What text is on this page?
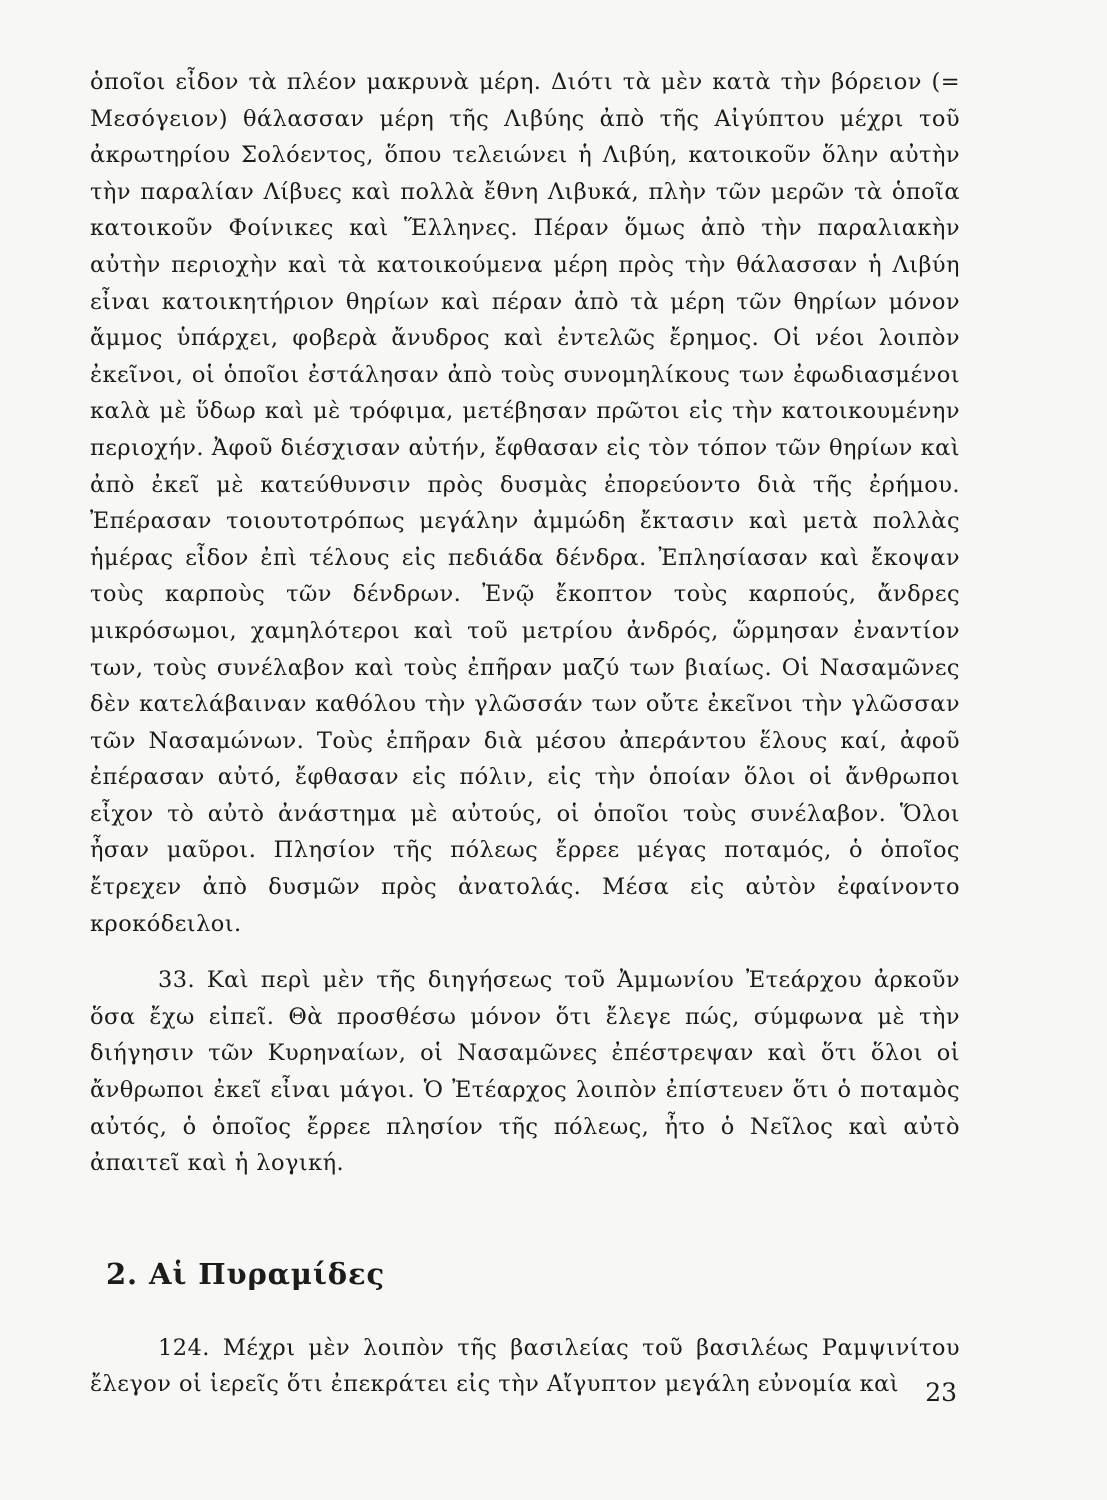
ὁποῖοι εἶδον τὰ πλέον μακρυνὰ μέρη. Διότι τὰ μὲν κατὰ τὴν βόρειον (= Μεσόγειον) θάλασσαν μέρη τῆς Λιβύης ἀπὸ τῆς Αἰγύπτου μέχρι τοῦ ἀκρωτηρίου Σολόεντος, ὅπου τελειώνει ἡ Λιβύη, κατοικοῦν ὅλην αὐτὴν τὴν παραλίαν Λίβυες καὶ πολλὰ ἔθνη Λιβυκά, πλὴν τῶν μερῶν τὰ ὁποῖα κατοικοῦν Φοίνικες καὶ Ἕλληνες. Πέραν ὅμως ἀπὸ τὴν παραλιακὴν αὐτὴν περιοχὴν καὶ τὰ κατοικούμενα μέρη πρὸς τὴν θάλασσαν ἡ Λιβύη εἶναι κατοικητήριον θηρίων καὶ πέραν ἀπὸ τὰ μέρη τῶν θηρίων μόνον ἄμμος ὑπάρχει, φοβερὰ ἄνυδρος καὶ ἐντελῶς ἔρημος. Οἱ νέοι λοιπὸν ἐκεῖνοι, οἱ ὁποῖοι ἐστάλησαν ἀπὸ τοὺς συνομηλίκους των ἐφωδιασμένοι καλὰ μὲ ὕδωρ καὶ μὲ τρόφιμα, μετέβησαν πρῶτοι εἰς τὴν κατοικουμένην περιοχήν. Ἀφοῦ διέσχισαν αὐτήν, ἔφθασαν εἰς τὸν τόπον τῶν θηρίων καὶ ἀπὸ ἐκεῖ μὲ κατεύθυνσιν πρὸς δυσμὰς ἐπορεύοντο διὰ τῆς ἐρήμου. Ἐπέρασαν τοιουτοτρόπως μεγάλην ἀμμώδη ἔκτασιν καὶ μετὰ πολλὰς ἡμέρας εἶδον ἐπὶ τέλους εἰς πεδιάδα δένδρα. Ἐπλησίασαν καὶ ἔκοψαν τοὺς καρποὺς τῶν δένδρων. Ἐνῷ ἔκοπτον τοὺς καρπούς, ἄνδρες μικρόσωμοι, χαμηλότεροι καὶ τοῦ μετρίου ἀνδρός, ὥρμησαν ἐναντίον των, τοὺς συνέλαβον καὶ τοὺς ἐπῆραν μαζύ των βιαίως. Οἱ Νασαμῶνες δὲν κατελάβαιναν καθόλου τὴν γλῶσσάν των οὔτε ἐκεῖνοι τὴν γλῶσσαν τῶν Νασαμώνων. Τοὺς ἐπῆραν διὰ μέσου ἀπεράντου ἕλους καί, ἀφοῦ ἐπέρασαν αὐτό, ἔφθασαν εἰς πόλιν, εἰς τὴν ὁποίαν ὅλοι οἱ ἄνθρωποι εἶχον τὸ αὐτὸ ἀνάστημα μὲ αὐτούς, οἱ ὁποῖοι τοὺς συνέλαβον. Ὅλοι ἦσαν μαῦροι. Πλησίον τῆς πόλεως ἔρρεε μέγας ποταμός, ὁ ὁποῖος ἔτρεχεν ἀπὸ δυσμῶν πρὸς ἀνατολάς. Μέσα εἰς αὐτὸν ἐφαίνοντο κροκόδειλοι.

33. Καὶ περὶ μὲν τῆς διηγήσεως τοῦ Ἀμμωνίου Ἐτεάρχου ἀρκοῦν ὅσα ἔχω εἰπεῖ. Θὰ προσθέσω μόνον ὅτι ἔλεγε πώς, σύμφωνα μὲ τὴν διήγησιν τῶν Κυρηναίων, οἱ Νασαμῶνες ἐπέστρεψαν καὶ ὅτι ὅλοι οἱ ἄνθρωποι ἐκεῖ εἶναι μάγοι. Ὁ Ἐτέαρχος λοιπὸν ἐπίστευεν ὅτι ὁ ποταμὸς αὐτός, ὁ ὁποῖος ἔρρεε πλησίον τῆς πόλεως, ἦτο ὁ Νεῖλος καὶ αὐτὸ ἀπαιτεῖ καὶ ἡ λογική.

2. Αἱ Πυραμίδες

124. Μέχρι μὲν λοιπὸν τῆς βασιλείας τοῦ βασιλέως Ραμψινίτου ἔλεγον οἱ ἱερεῖς ὅτι ἐπεκράτει εἰς τὴν Αἴγυπτον μεγάλη εὐνομία καὶ	23
